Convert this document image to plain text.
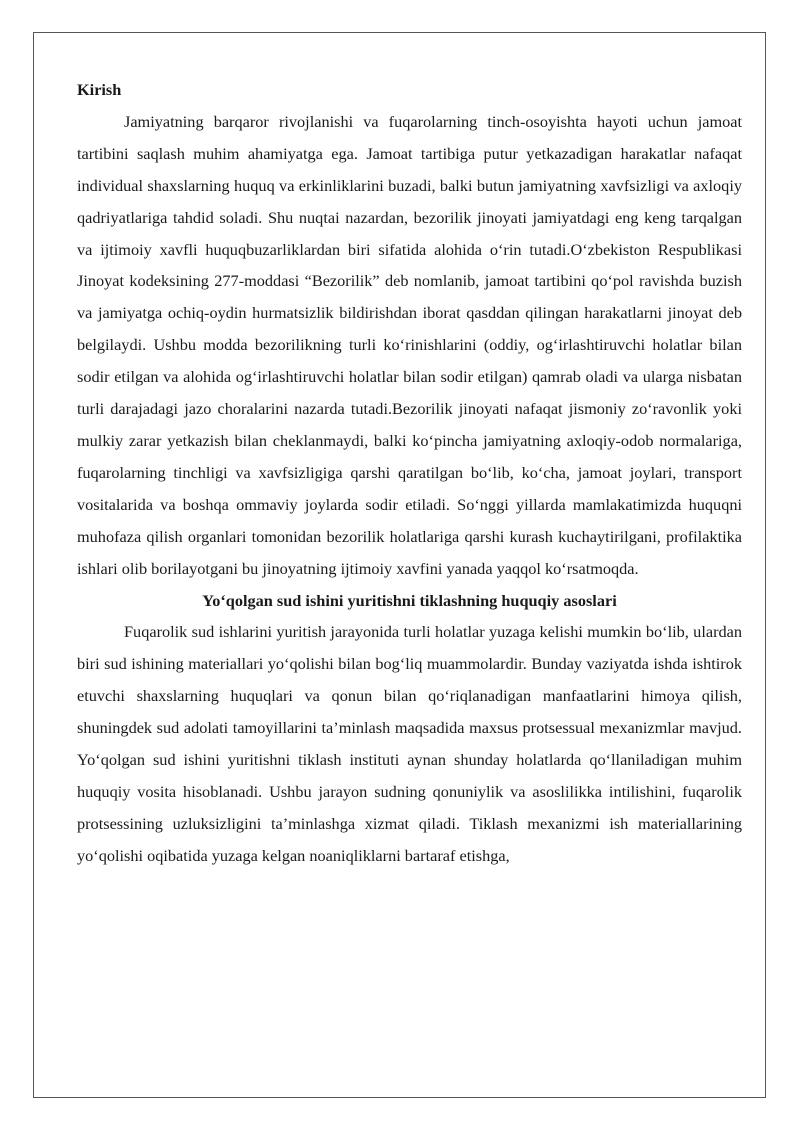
Kirish

Jamiyatning barqaror rivojlanishi va fuqarolarning tinch-osoyishta hayoti uchun jamoat tartibini saqlash muhim ahamiyatga ega. Jamoat tartibiga putur yetkazadigan harakatlar nafaqat individual shaxslarning huquq va erkinliklarini buzadi, balki butun jamiyatning xavfsizligi va axloqiy qadriyatlariga tahdid soladi. Shu nuqtai nazardan, bezorilik jinoyati jamiyatdagi eng keng tarqalgan va ijtimoiy xavfli huquqbuzarliklardan biri sifatida alohida o‘rin tutadi.O‘zbekiston Respublikasi Jinoyat kodeksining 277-moddasi “Bezorilik” deb nomlanib, jamoat tartibini qo‘pol ravishda buzish va jamiyatga ochiq-oydin hurmatsizlik bildirishdan iborat qasddan qilingan harakatlarni jinoyat deb belgilaydi. Ushbu modda bezorilikning turli ko‘rinishlarini (oddiy, og‘irlashtiruvchi holatlar bilan sodir etilgan va alohida og‘irlashtiruvchi holatlar bilan sodir etilgan) qamrab oladi va ularga nisbatan turli darajadagi jazo choralarini nazarda tutadi.Bezorilik jinoyati nafaqat jismoniy zo‘ravonlik yoki mulkiy zarar yetkazish bilan cheklanmaydi, balki ko‘pincha jamiyatning axloqiy-odob normalariga, fuqarolarning tinchligi va xavfsizligiga qarshi qaratilgan bo‘lib, ko‘cha, jamoat joylari, transport vositalarida va boshqa ommaviy joylarda sodir etiladi. So‘nggi yillarda mamlakatimizda huquqni muhofaza qilish organlari tomonidan bezorilik holatlariga qarshi kurash kuchaytirilgani, profilaktika ishlari olib borilayotgani bu jinoyatning ijtimoiy xavfini yanada yaqqol ko‘rsatmoqda.

Yo‘qolgan sud ishini yuritishni tiklashning huquqiy asoslari

Fuqarolik sud ishlarini yuritish jarayonida turli holatlar yuzaga kelishi mumkin bo‘lib, ulardan biri sud ishining materiallari yo‘qolishi bilan bog‘liq muammolardir. Bunday vaziyatda ishda ishtirok etuvchi shaxslarning huquqlari va qonun bilan qo‘riqlanadigan manfaatlarini himoya qilish, shuningdek sud adolati tamoyillarini ta’minlash maqsadida maxsus protsessual mexanizmlar mavjud. Yo‘qolgan sud ishini yuritishni tiklash instituti aynan shunday holatlarda qo‘llaniladigan muhim huquqiy vosita hisoblanadi. Ushbu jarayon sudning qonuniylik va asoslilikka intilishini, fuqarolik protsessining uzluksizligini ta’minlashga xizmat qiladi. Tiklash mexanizmi ish materiallarining yo‘qolishi oqibatida yuzaga kelgan noaniqliklarni bartaraf etishga,
